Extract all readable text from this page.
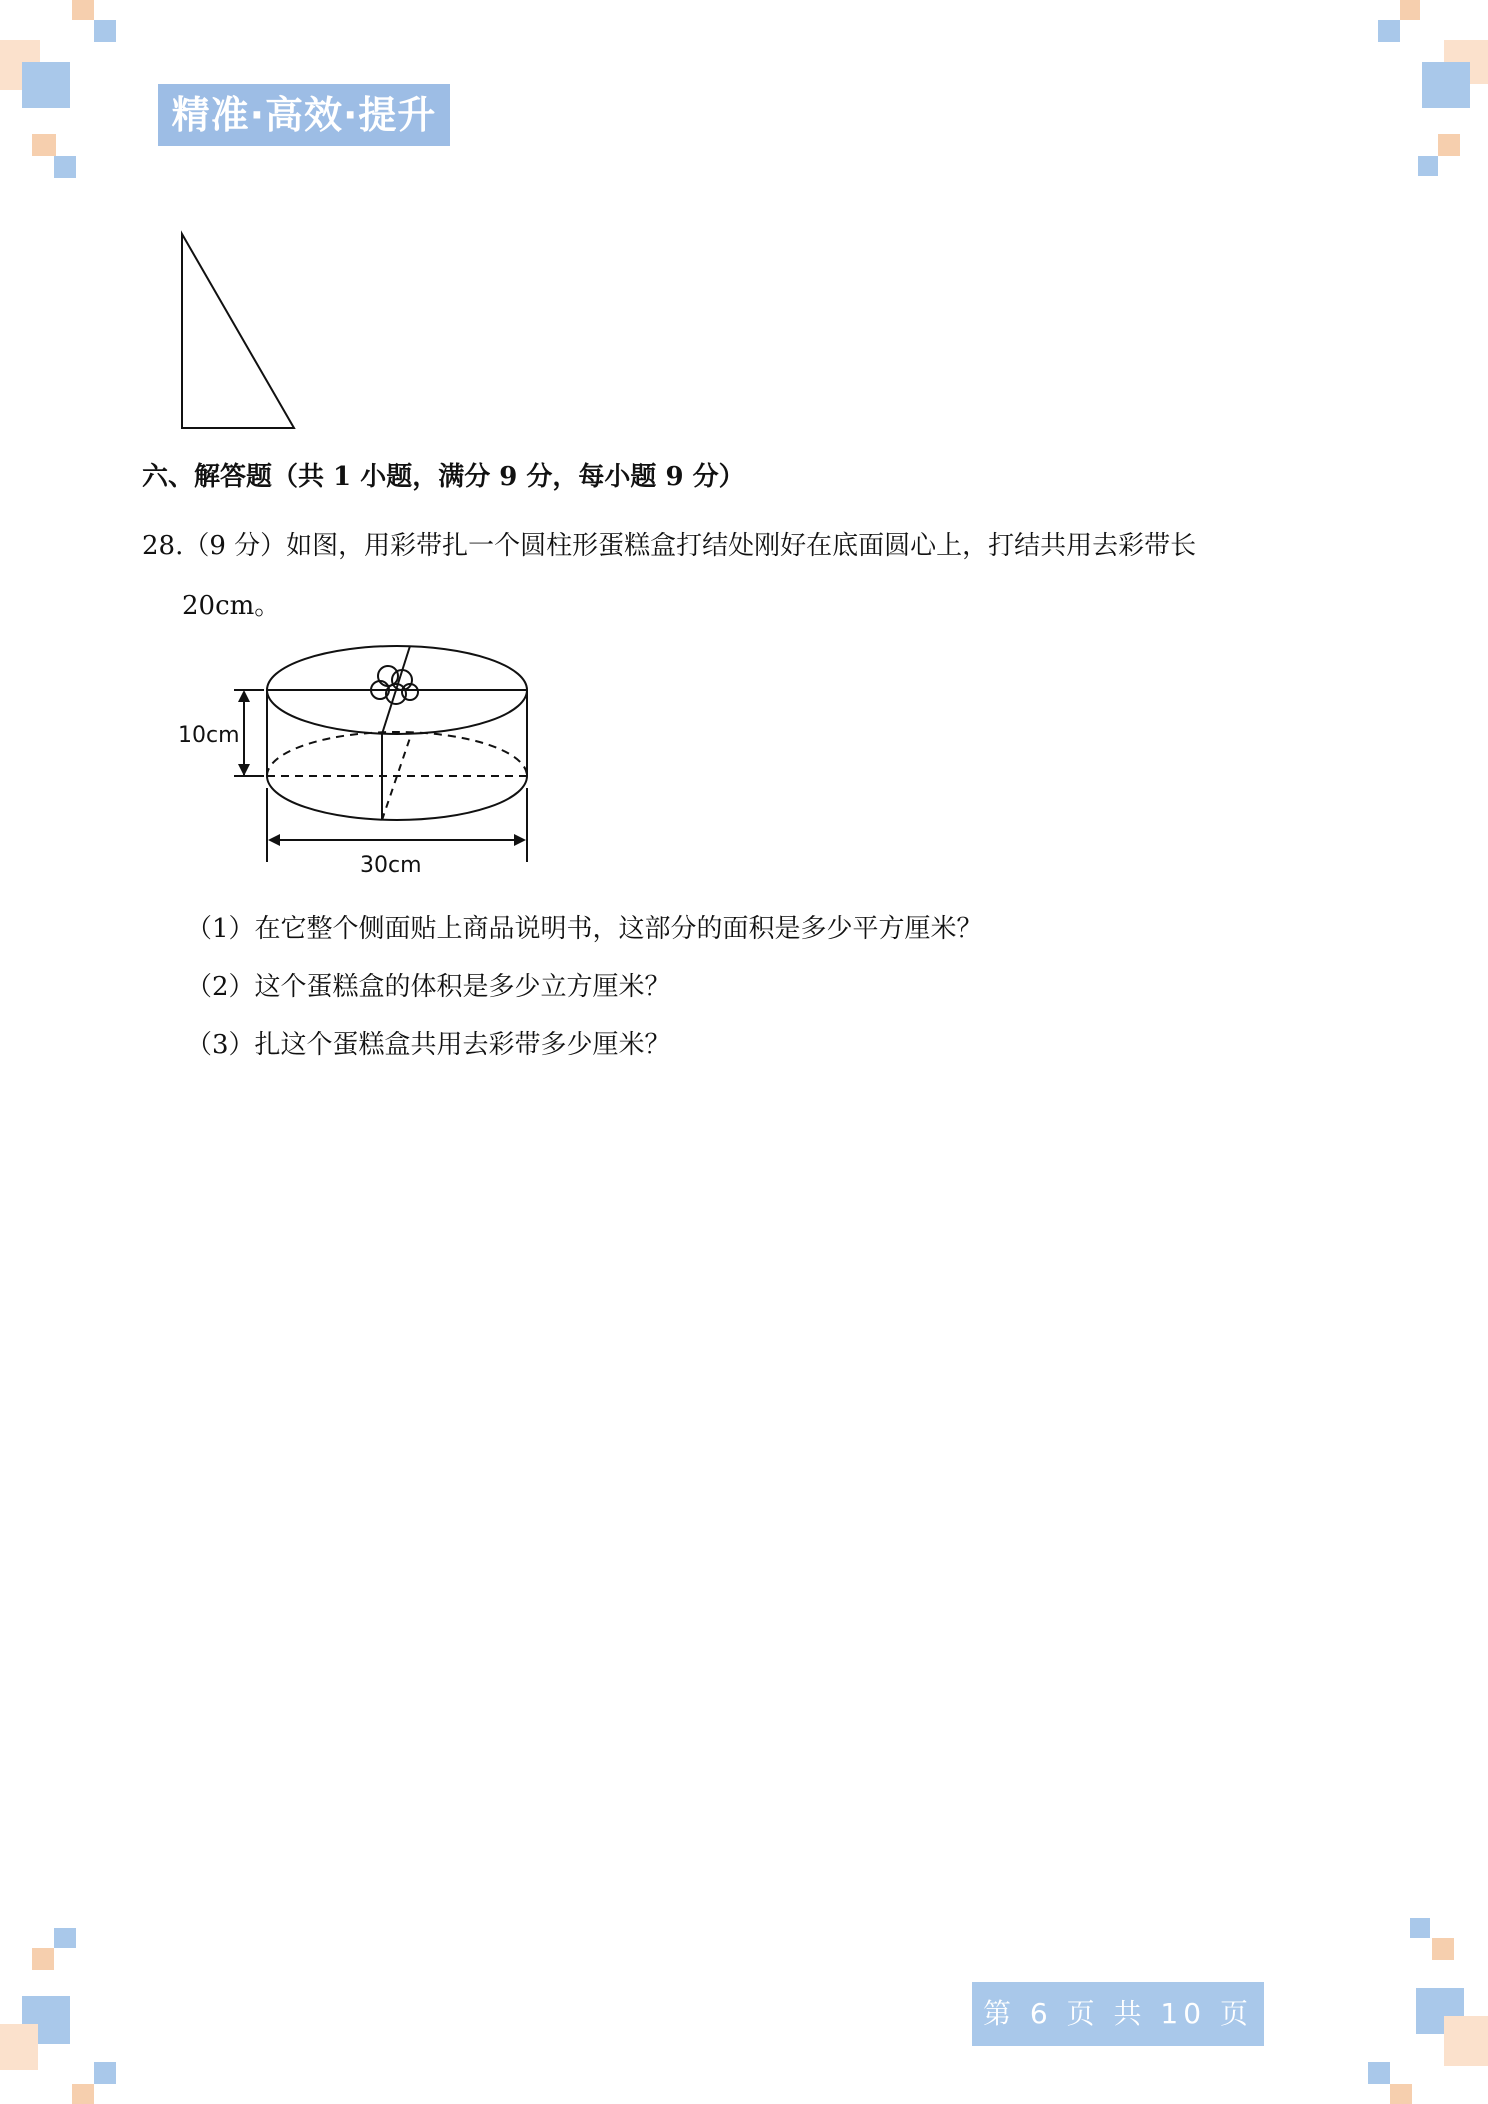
精准·高效·提升
六、解答题（共 1 小题，满分 9 分，每小题 9 分）
28.（9 分）如图，用彩带扎一个圆柱形蛋糕盒打结处刚好在底面圆心上，打结共用去彩带长
20cm。
10cm
30cm
（1）在它整个侧面贴上商品说明书，这部分的面积是多少平方厘米？
（2）这个蛋糕盒的体积是多少立方厘米？
（3）扎这个蛋糕盒共用去彩带多少厘米？
第 6 页 共 10 页
